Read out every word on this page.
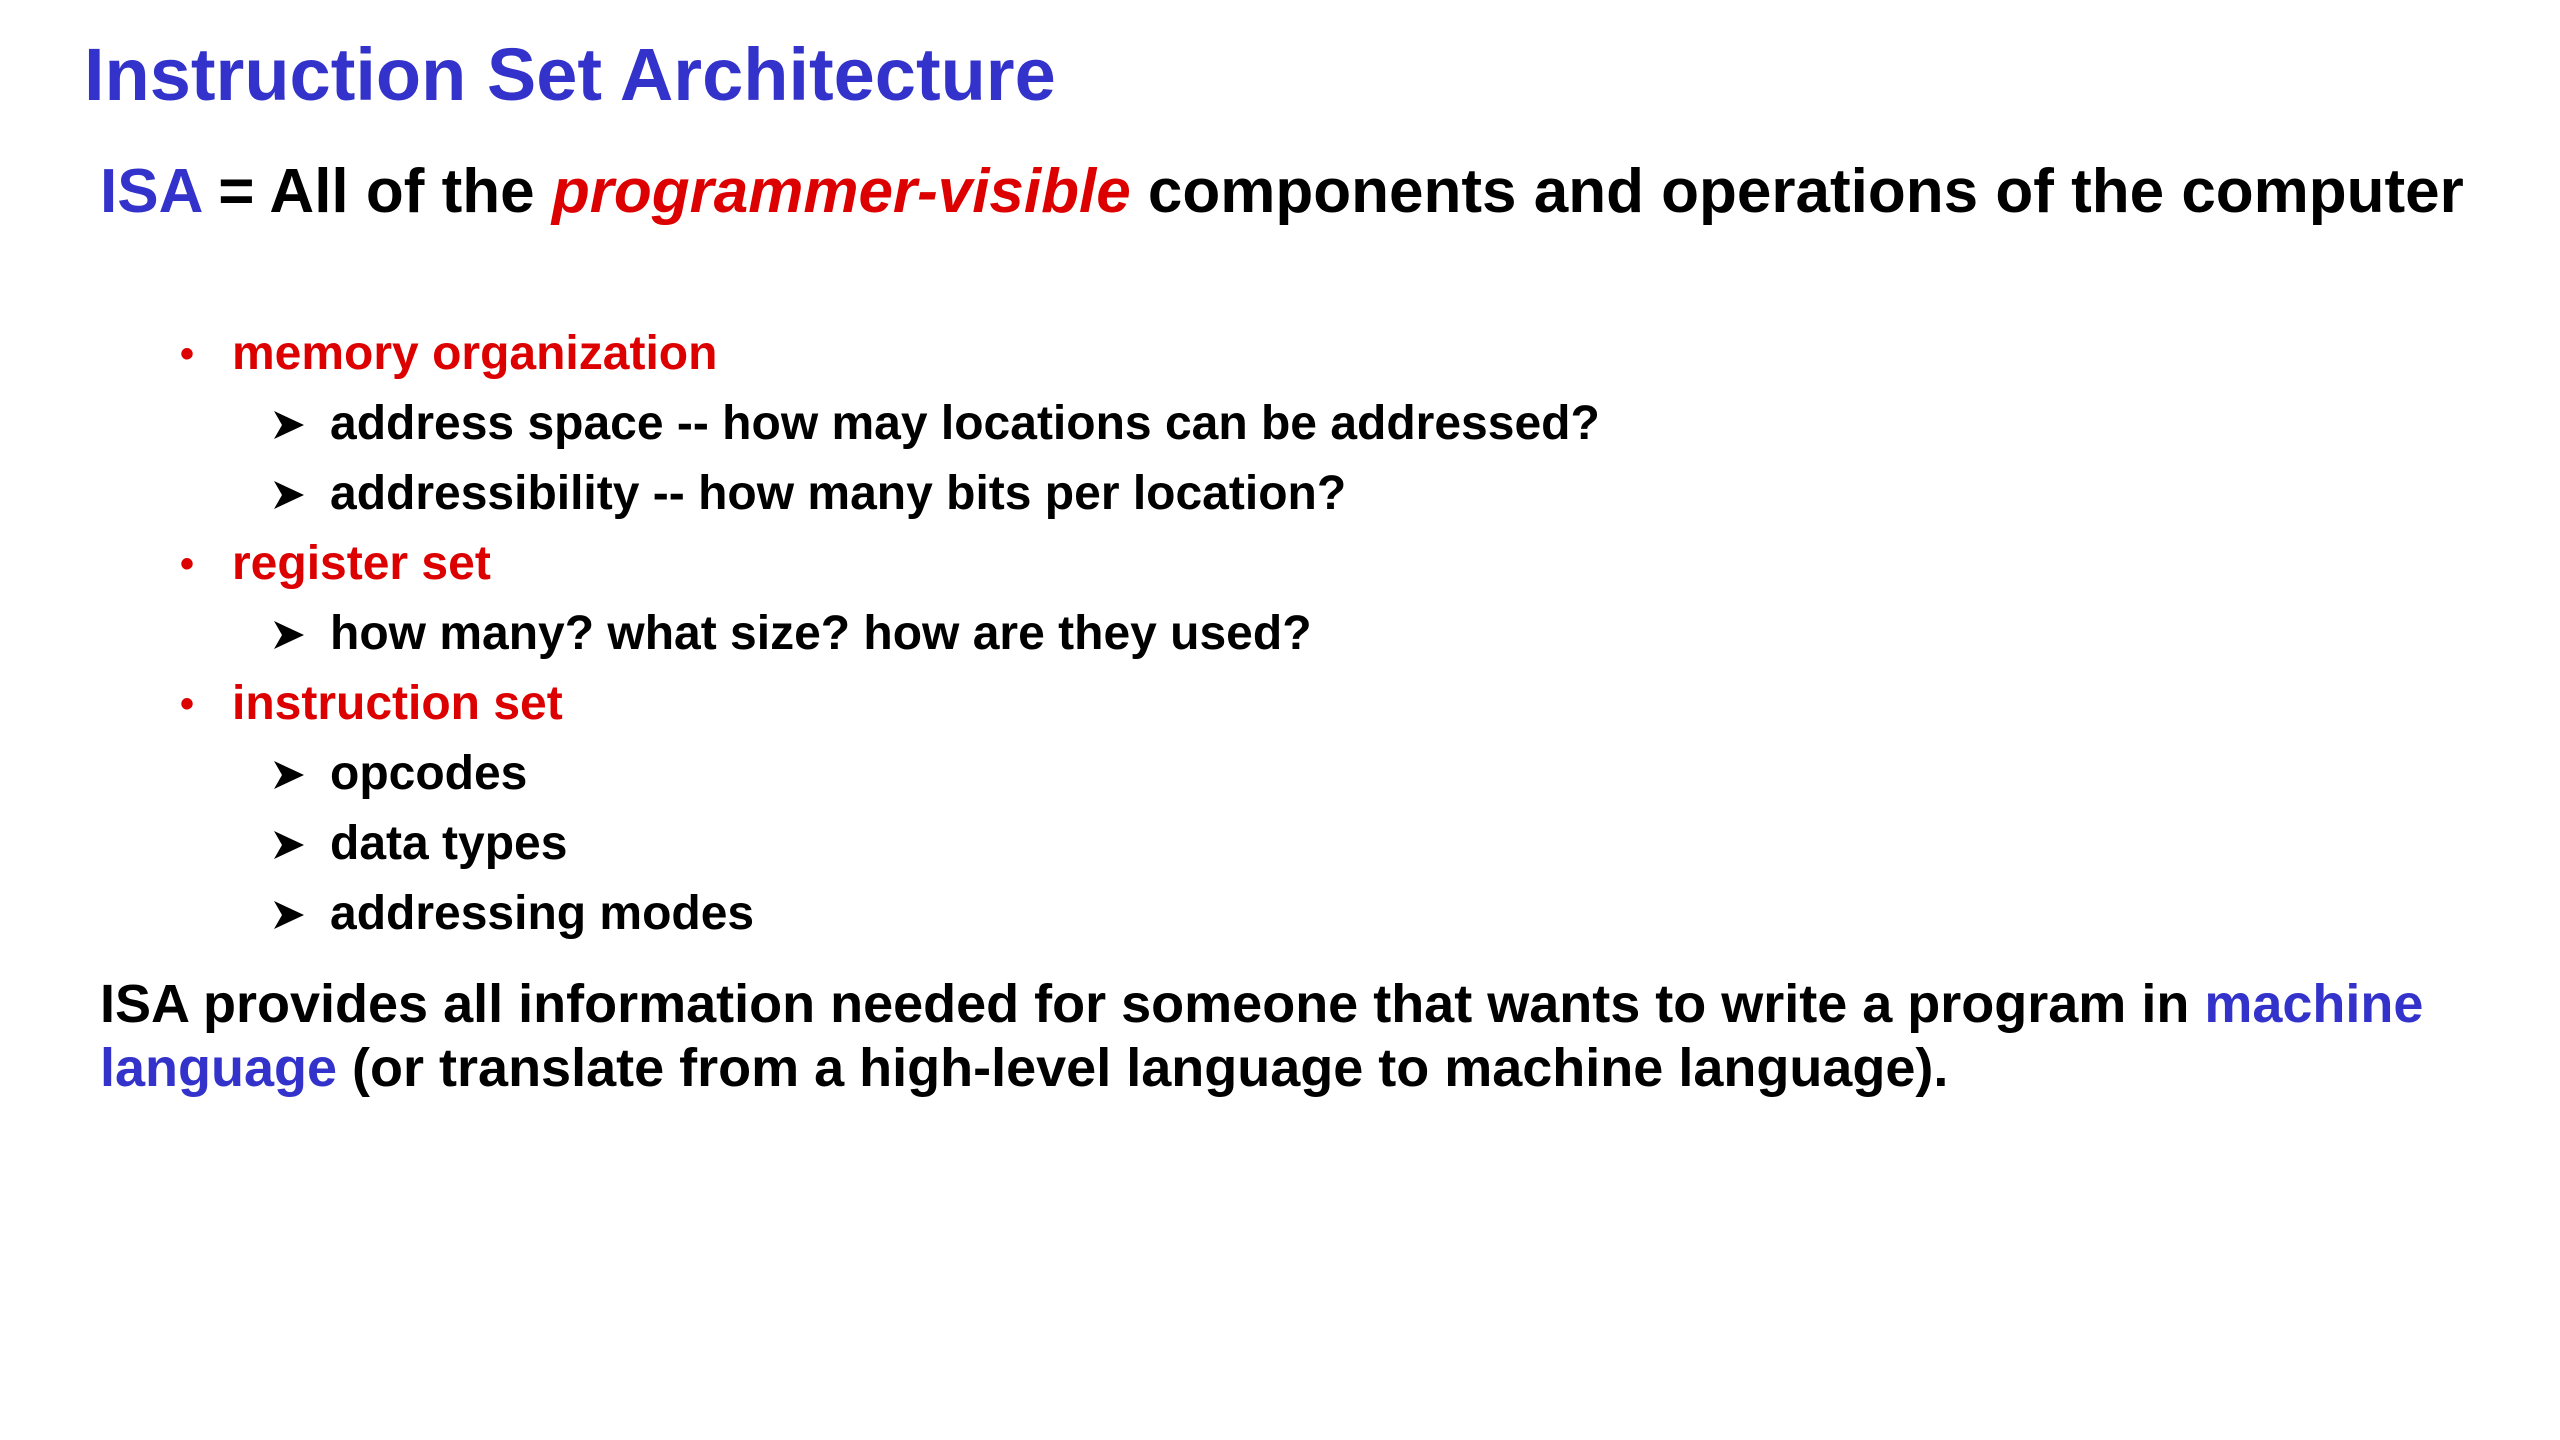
Instruction Set Architecture

ISA = All of the programmer-visible components and operations of the computer

• memory organization
address space -- how may locations can be addressed?
addressibility -- how many bits per location?
• register set
how many? what size? how are they used?
• instruction set
opcodes
data types
addressing modes

ISA provides all information needed for someone that wants to write a program in machine language (or translate from a high-level language to machine language).
